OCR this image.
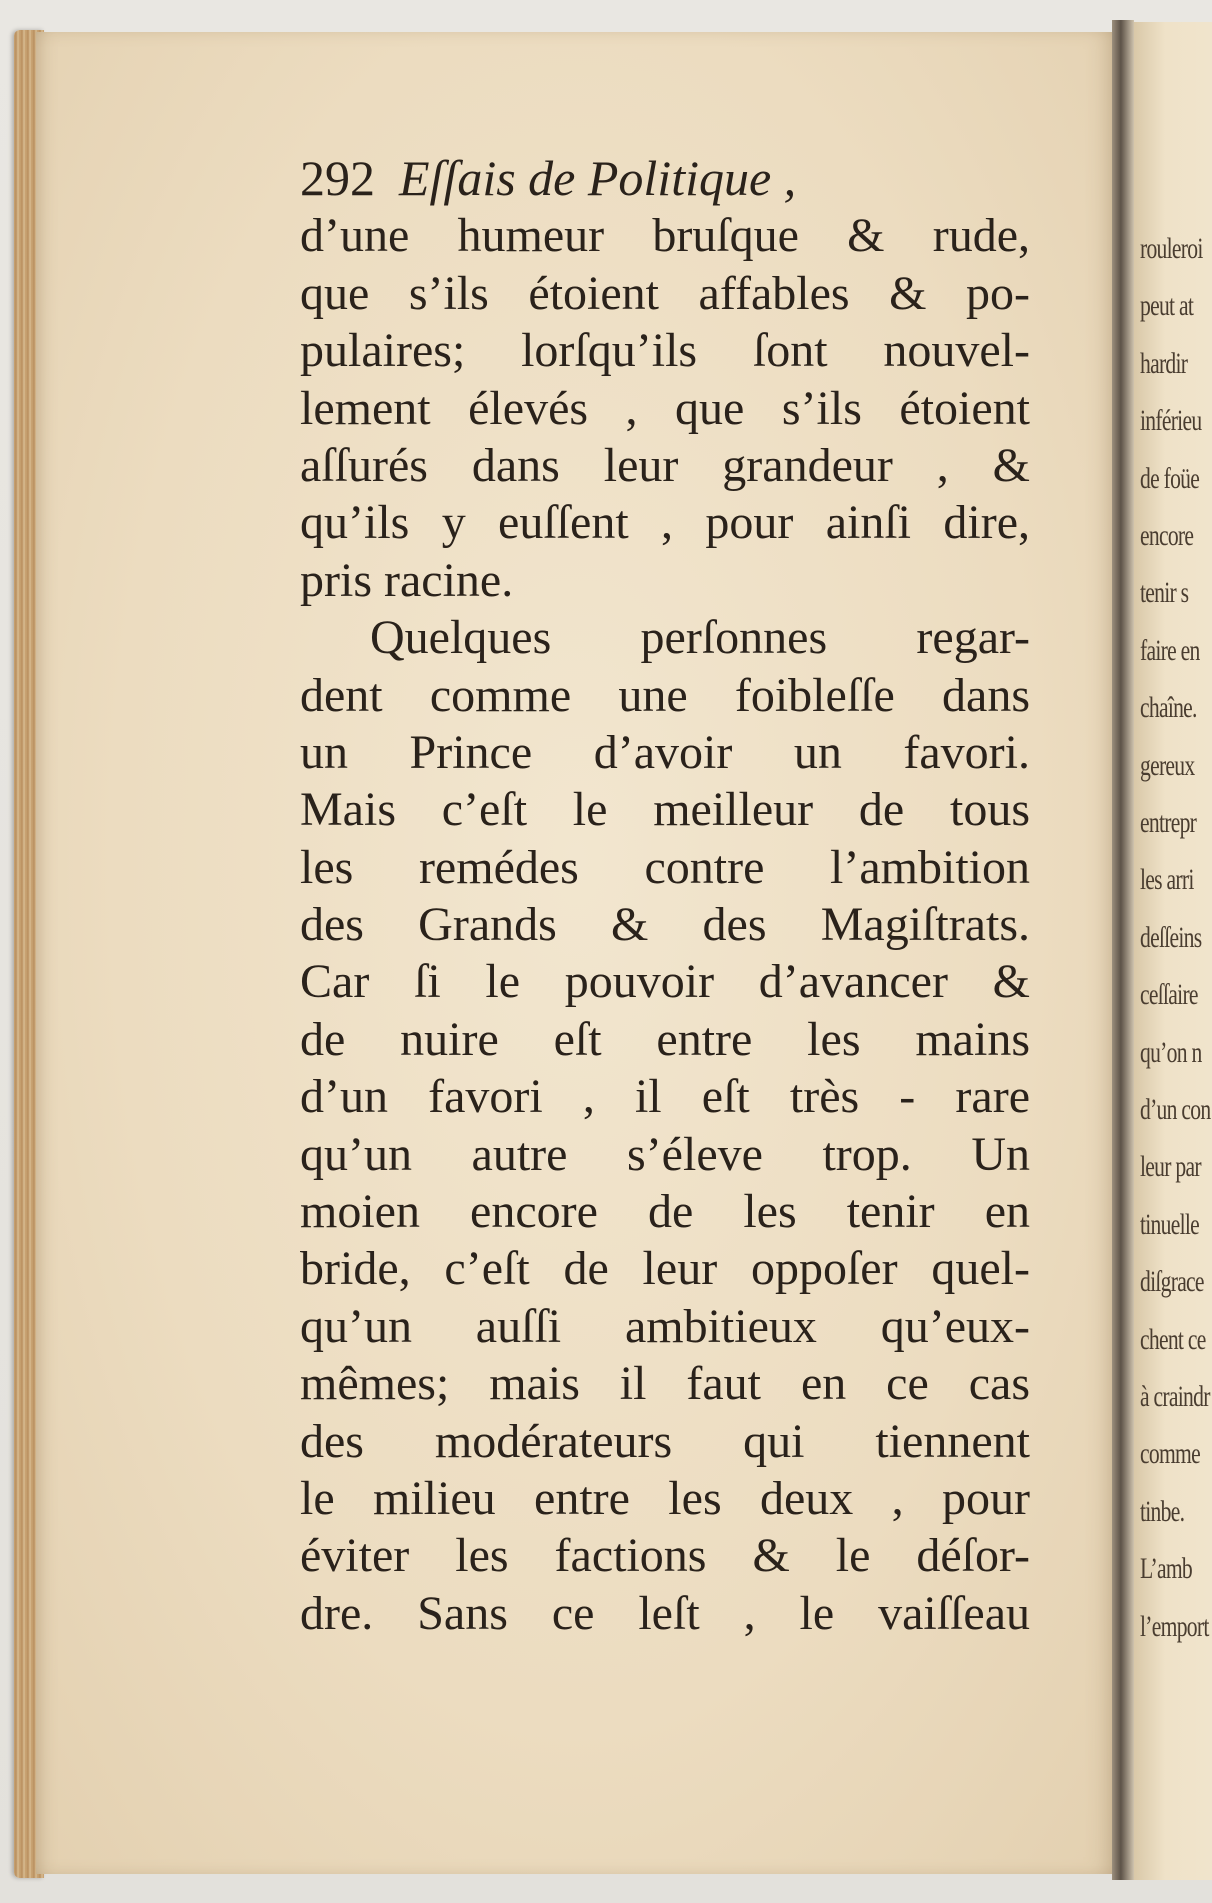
rouleroi
peut at
hardir
inférieu
de foüe
encore
tenir s
faire en
chaîne.
gereux
entrepr
les arri
deſſeins
ceſſaire
qu’on n
d’un con
leur par
tinuelle
diſgrace
chent ce
à craindr
comme
tinbe.
L’amb
l’emport
292 Eſſais de Politique ,
d’une humeur bruſque & rude,
que s’ils étoient affables & po-
pulaires; lorſqu’ils ſont nouvel-
lement élevés , que s’ils étoient
aſſurés dans leur grandeur , &
qu’ils y euſſent , pour ainſi dire,
pris racine.
Quelques perſonnes regar-
dent comme une foibleſſe dans
un Prince d’avoir un favori.
Mais c’eſt le meilleur de tous
les remédes contre l’ambition
des Grands & des Magiſtrats.
Car ſi le pouvoir d’avancer &
de nuire eſt entre les mains
d’un favori , il eſt très - rare
qu’un autre s’éleve trop. Un
moien encore de les tenir en
bride, c’eſt de leur oppoſer quel-
qu’un auſſi ambitieux qu’eux-
mêmes; mais il faut en ce cas
des modérateurs qui tiennent
le milieu entre les deux , pour
éviter les factions & le déſor-
dre. Sans ce leſt , le vaiſſeau
